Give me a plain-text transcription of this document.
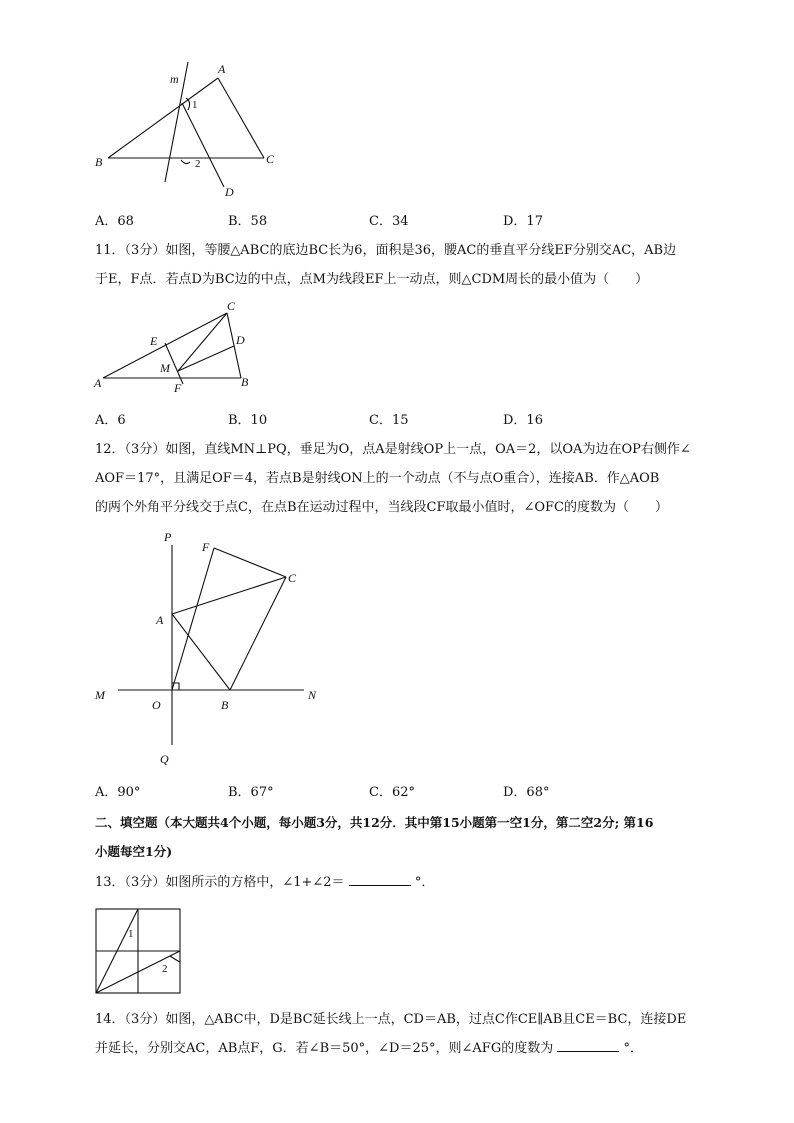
m
A
B	C
D
1
2
A．68	B．58	C．34	D．17
11．（3分）如图，等腰△ABC的底边BC长为6，面积是36，腰AC的垂直平分线EF分别交AC，AB边
于E，F点．若点D为BC边的中点，点M为线段EF上一动点，则△CDM周长的最小值为（　　）
C
E	D
M
A	F	B
A．6	B．10	C．15	D．16
12．（3分）如图，直线MN⊥PQ，垂足为O，点A是射线OP上一点，OA＝2，以OA为边在OP右侧作∠
AOF＝17°，且满足OF＝4，若点B是射线ON上的一个动点（不与点O重合），连接AB．作△AOB
的两个外角平分线交于点C，在点B在运动过程中，当线段CF取最小值时，∠OFC的度数为（　　）
P
F
C
A
M	N
O	B
Q
A．90°	B．67°	C．62°	D．68°
二、填空题（本大题共4个小题，每小题3分，共12分．其中第15小题第一空1分，第二空2分; 第16
小题每空1分)
13．（3分）如图所示的方格中，∠1+∠2＝	°．
1
2
14．（3分）如图，△ABC中，D是BC延长线上一点，CD＝AB，过点C作CE∥AB且CE＝BC，连接DE
并延长，分别交AC，AB点F，G．若∠B＝50°，∠D＝25°，则∠AFG的度数为	°．
